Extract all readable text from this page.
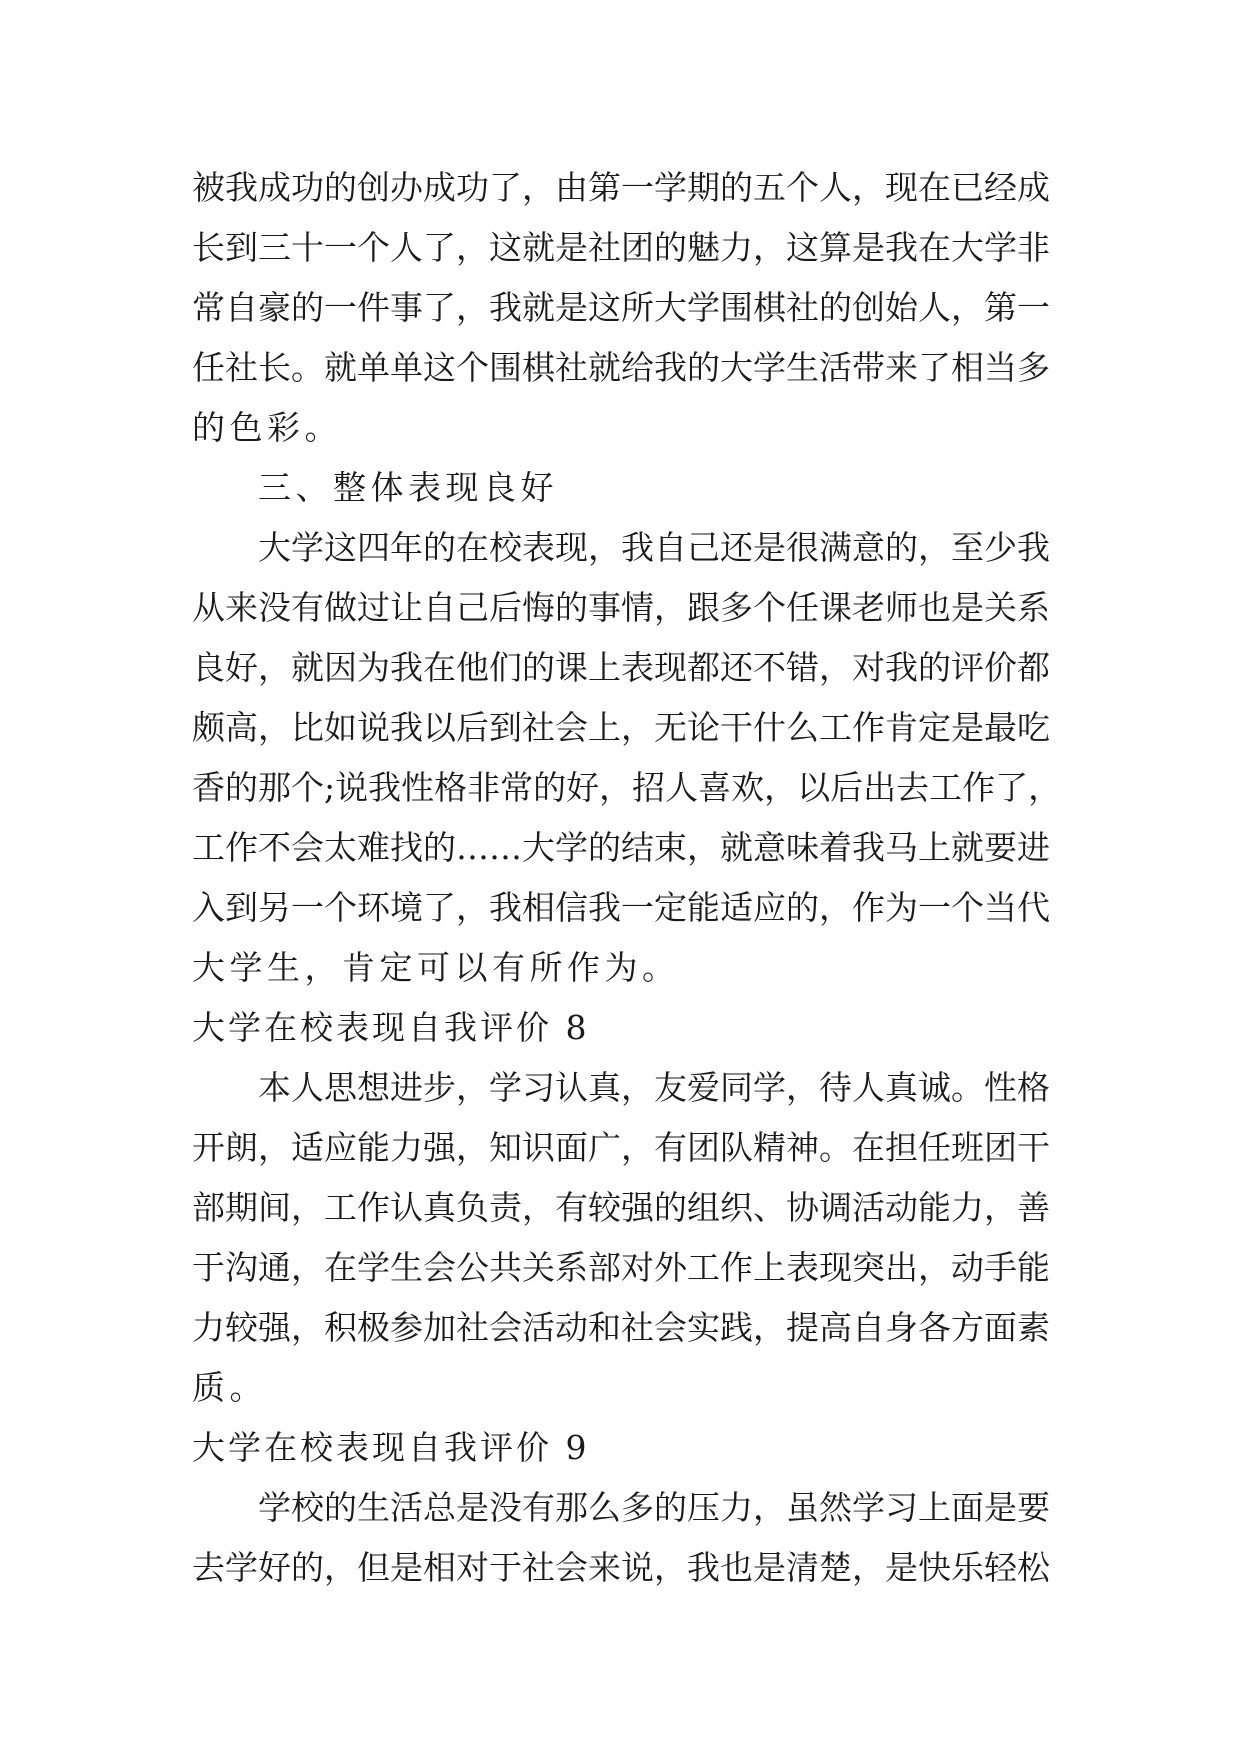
被我成功的创办成功了，由第一学期的五个人，现在已经成
长到三十一个人了，这就是社团的魅力，这算是我在大学非
常自豪的一件事了，我就是这所大学围棋社的创始人，第一
任社长。就单单这个围棋社就给我的大学生活带来了相当多
的色彩。
三、整体表现良好
大学这四年的在校表现，我自己还是很满意的，至少我
从来没有做过让自己后悔的事情，跟多个任课老师也是关系
良好，就因为我在他们的课上表现都还不错，对我的评价都
颇高，比如说我以后到社会上，无论干什么工作肯定是最吃
香的那个;说我性格非常的好，招人喜欢，以后出去工作了，
工作不会太难找的……大学的结束，就意味着我马上就要进
入到另一个环境了，我相信我一定能适应的，作为一个当代
大学生，肯定可以有所作为。
大学在校表现自我评价 8
本人思想进步，学习认真，友爱同学，待人真诚。性格
开朗，适应能力强，知识面广，有团队精神。在担任班团干
部期间，工作认真负责，有较强的组织、协调活动能力，善
于沟通，在学生会公共关系部对外工作上表现突出，动手能
力较强，积极参加社会活动和社会实践，提高自身各方面素
质。
大学在校表现自我评价 9
学校的生活总是没有那么多的压力，虽然学习上面是要
去学好的，但是相对于社会来说，我也是清楚，是快乐轻松
